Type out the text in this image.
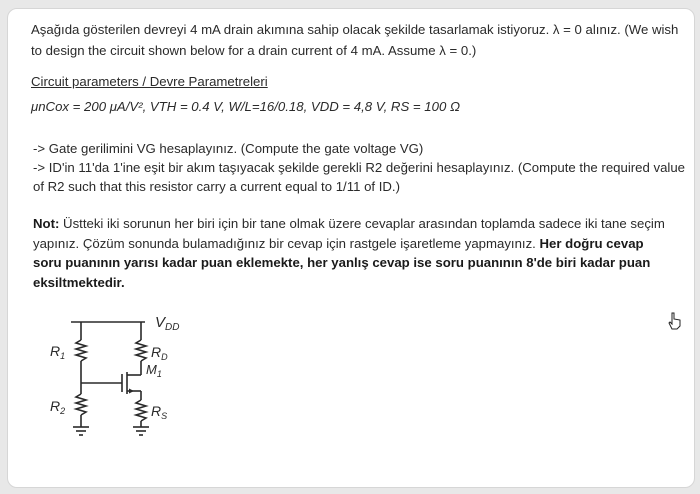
Aşağıda gösterilen devreyi 4 mA drain akımına sahip olacak şekilde tasarlamak istiyoruz. λ = 0 alınız. (We wish
to design the circuit shown below for a drain current of 4 mA. Assume λ = 0.)
Circuit parameters / Devre Parametreleri
μnCox = 200 μA/V², VTH = 0.4 V, W/L=16/0.18, VDD = 4,8 V, RS = 100 Ω
-> Gate gerilimini VG hesaplayınız. (Compute the gate voltage VG)
-> ID'in 11'da 1'ine eşit bir akım taşıyacak şekilde gerekli R2 değerini hesaplayınız. (Compute the required value
of R2 such that this resistor carry a current equal to 1/11 of ID.)
Not: Üstteki iki sorunun her biri için bir tane olmak üzere cevaplar arasından toplamda sadece iki tane seçim yapınız. Çözüm sonunda bulamadığınız bir cevap için rastgele işaretleme yapmayınız. Her doğru cevap soru puanının yarısı kadar puan eklemekte, her yanlış cevap ise soru puanının 8'de biri kadar puan eksiltmektedir.
$V_{DD}$
$R_1$
$R_2$
$R_D$
$M_1$
$R_S$
